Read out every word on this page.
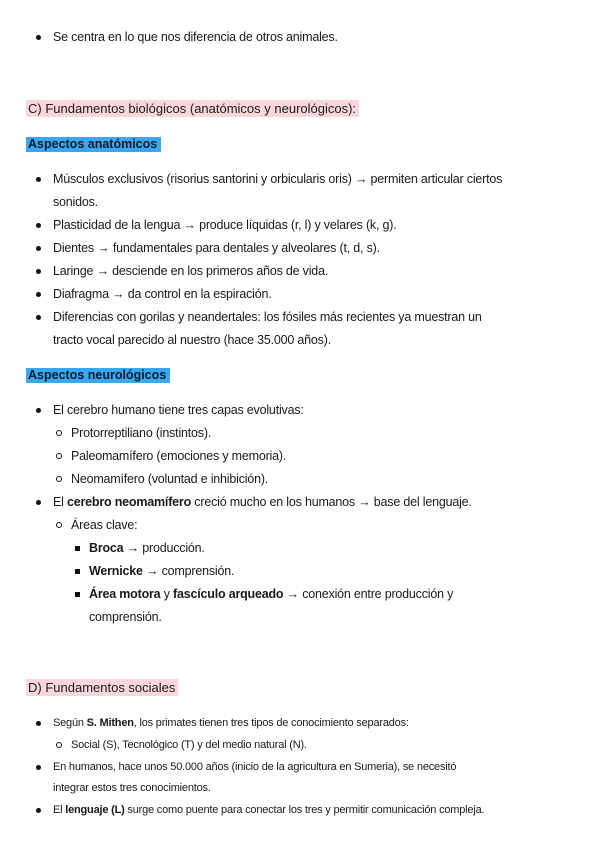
Se centra en lo que nos diferencia de otros animales.
C) Fundamentos biológicos (anatómicos y neurológicos):
Aspectos anatómicos
Músculos exclusivos (risorius santorini y orbicularis oris) → permiten articular ciertos
sonidos.
Plasticidad de la lengua → produce líquidas (r, l) y velares (k, g).
Dientes → fundamentales para dentales y alveolares (t, d, s).
Laringe → desciende en los primeros años de vida.
Diafragma → da control en la espiración.
Diferencias con gorilas y neandertales: los fósiles más recientes ya muestran un
tracto vocal parecido al nuestro (hace 35.000 años).
Aspectos neurológicos
El cerebro humano tiene tres capas evolutivas:
Protorreptiliano (instintos).
Paleomamífero (emociones y memoria).
Neomamífero (voluntad e inhibición).
El cerebro neomamífero creció mucho en los humanos → base del lenguaje.
Áreas clave:
Broca → producción.
Wernicke → comprensión.
Área motora y fascículo arqueado → conexión entre producción y
comprensión.
D) Fundamentos sociales
Según S. Mithen, los primates tienen tres tipos de conocimiento separados:
Social (S), Tecnológico (T) y del medio natural (N).
En humanos, hace unos 50.000 años (inicio de la agricultura en Sumeria), se necesitó
integrar estos tres conocimientos.
El lenguaje (L) surge como puente para conectar los tres y permitir comunicación compleja.
